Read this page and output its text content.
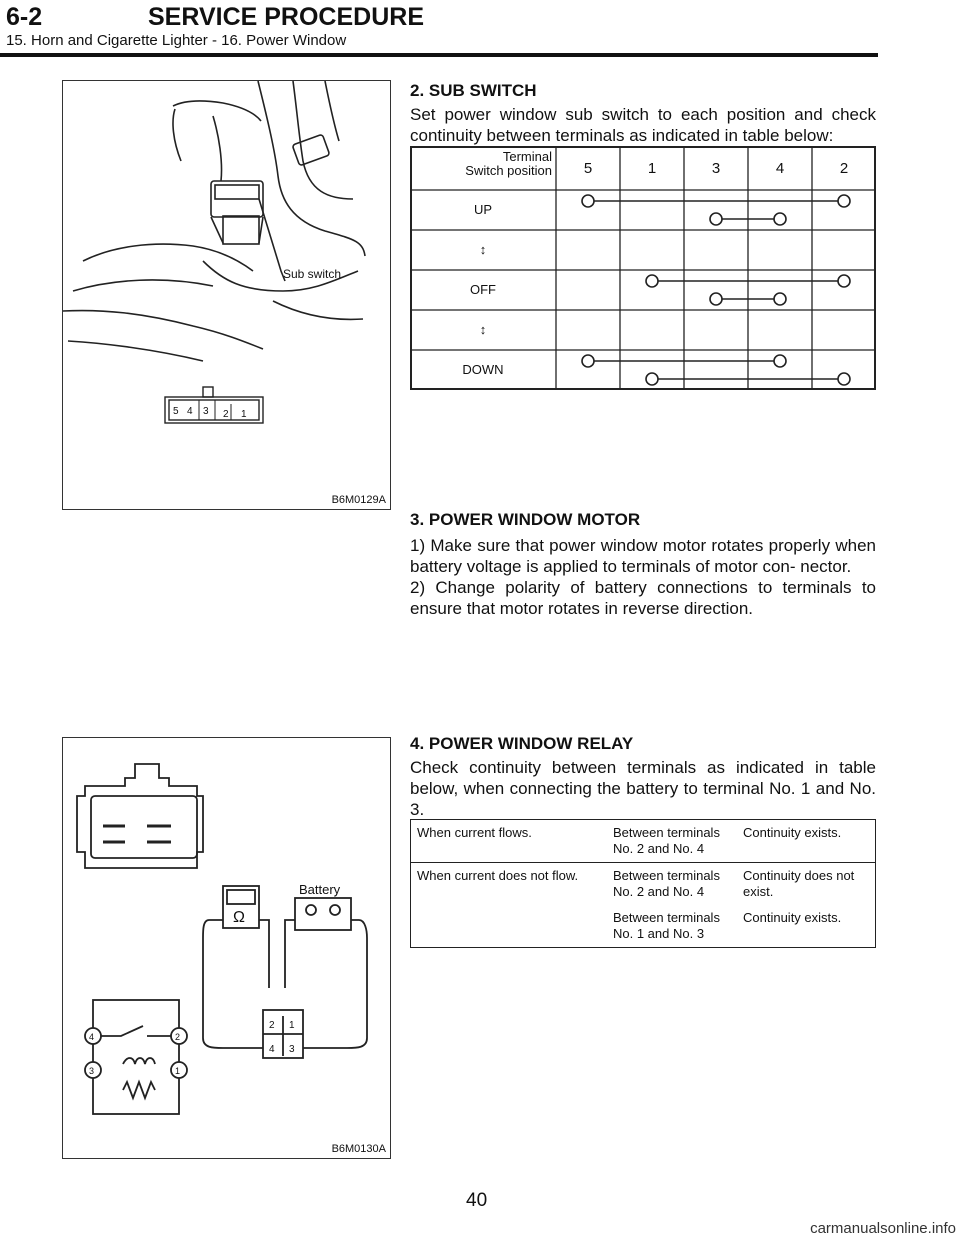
6-2	SERVICE PROCEDURE
15. Horn and Cigarette Lighter - 16. Power Window
5 4 3 2 1
Sub switch
B6M0129A
2. SUB SWITCH
Set power window sub switch to each position and check continuity between terminals as indicated in table below:
Terminal
Switch position	5	1	3	4	2
UP
↕
OFF
↕
DOWN
3. POWER WINDOW MOTOR
1) Make sure that power window motor rotates properly when battery voltage is applied to terminals of motor con- nector.
2) Change polarity of battery connections to terminals to ensure that motor rotates in reverse direction.
Ω
4	2
3	1
2 1
4 3
Battery
B6M0130A
4. POWER WINDOW RELAY
Check continuity between terminals as indicated in table below, when connecting the battery to terminal No. 1 and No. 3.
When current flows.	Between terminals No. 2 and No. 4	Continuity exists.
When current does not flow.	Between terminals No. 2 and No. 4	Continuity does not exist.
	Between terminals No. 1 and No. 3	Continuity exists.
40
carmanualsonline.info
